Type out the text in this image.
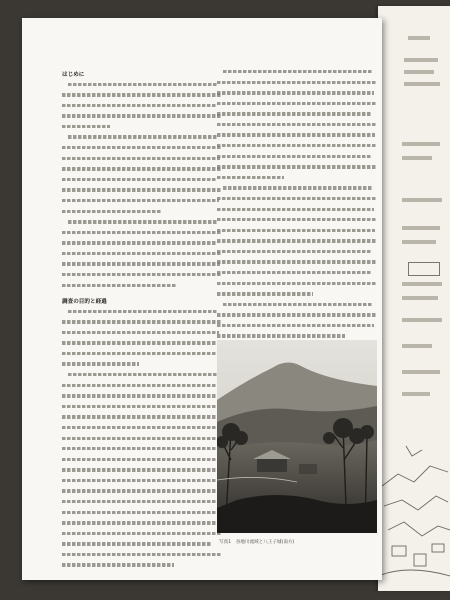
はじめに
調査の目的と経過
写真1　谷地川流域と八王子城(南方)
